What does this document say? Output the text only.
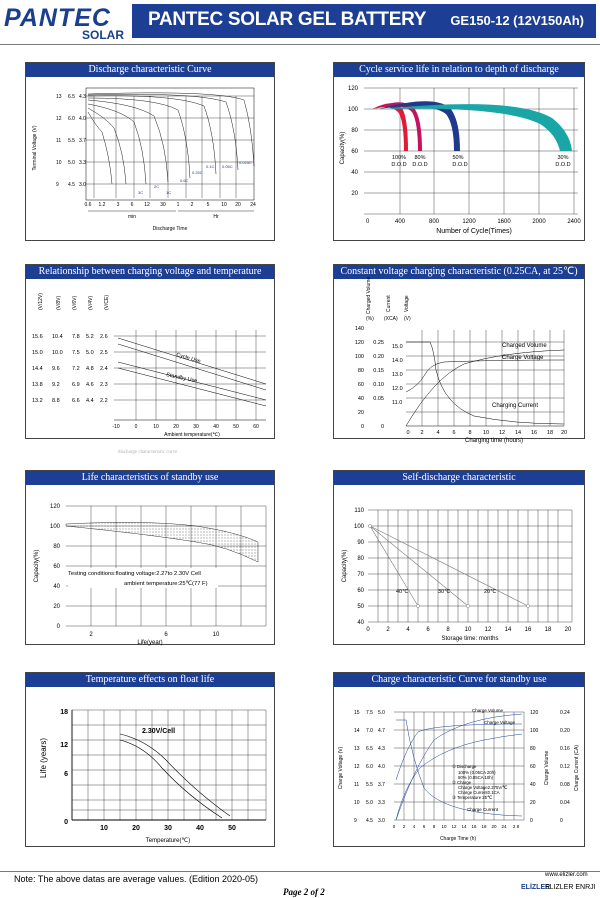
PANTEC
SOLAR
PANTEC SOLAR GEL BATTERY GE150-12 (12V150Ah)
Discharge characteristic Curve
Terminal Voltage (V)
13 6.5 4.3
12 6.0 4.0
11 5.5 3.7
10 5.0 3.3
9 4.5 3.0
0.6 1.2 3 6 12 30 1 2	5 10 20 24
min	Hr
Discharge Time
3C	1C
0.6C
0.25C
0.1C 0.05C
0.025C
2C
Cycle service life in relation to depth of discharge
Capacity(%)
120
100
80
60
40
20
0	400	800	1200	1600	2000	2400
Number of Cycle(Times)
100%
D.O.D
80%
D.O.D
50%
D.O.D
30%
D.O.D
Relationship between charging voltage and temperature
(V/12V) (V/8V) (V/6V) (V/4V) (V/CE)
15.6 10.4 7.8 5.2 2.6
15.0 10.0 7.5 5.0 2.5
14.4 9.6 7.2 4.8 2.4
13.8 9.2 6.9 4.6 2.3
13.2 8.8 6.6 4.4 2.2
-10	0	10	20	30	40	50	60
Ambient temperature(℃)
Cycle Use
Standby Use
discharge characteristic curve
Constant voltage charging characteristic (0.25CA, at 25℃)
Charged Volume	Current Voltage
(%) (XCA) (V)
140
120
100
80
60
40
20
0
0.25
0.20
0.15
0.10
0.05
0
15.0
14.0
13.0
12.0
11.0
0 2 4 6 8 10 12 14 16 18 20
Charging time (hours)
Charged Volume
Charge Voltage
Charging Current
Life characteristics of standby use
Capacity(%)
120
100
80
60
40
20
0
2	6	10
Life(year)
Testing conditions:floating voltage:2.27to 2.30V Cell
ambient temperature:25℃(77 F)
Self-discharge characteristic
Capacity(%)
110
100
90
80
70
60
50
40
0	2	4	6	8 10 12 14 16 18 20
Storage time: months
40℃	30℃	20℃
Temperature effects on float life
Life (years)
18
12
6
0
10	20	30	40	50
Temperature(℃)
2.30V/Cell
Charge characteristic Curve for standby use
Charge Voltage (V)
15 7.5 5.0
14 7.0 4.7
13 6.5 4.3
12 6.0 4.0
11 5.5 3.7
10 5.0 3.3
9 4.5 3.0
120
100
80
60
40
20
0
0.24
0.20
0.16
0.12
0.08
0.04
0
Charge Volume	Charge Current (CA)
0 2 4 6 8 10 12 14 16 18 20 24 2 8
Charge Time (h)
Charge Volume
Charge Voltage
Charge Current
① Discharge
100% (0.05CA 20h)
50% (0.05CA 10h)
② Charge
Charge Voltage2.275V/℃
Charge Current0.1CA
③ Temperature 25℃
Note: The above datas are average values. (Edition 2020-05)
Page 2 of 2
www.elizler.com
ELİZLER
ELIZLER ENRJI
